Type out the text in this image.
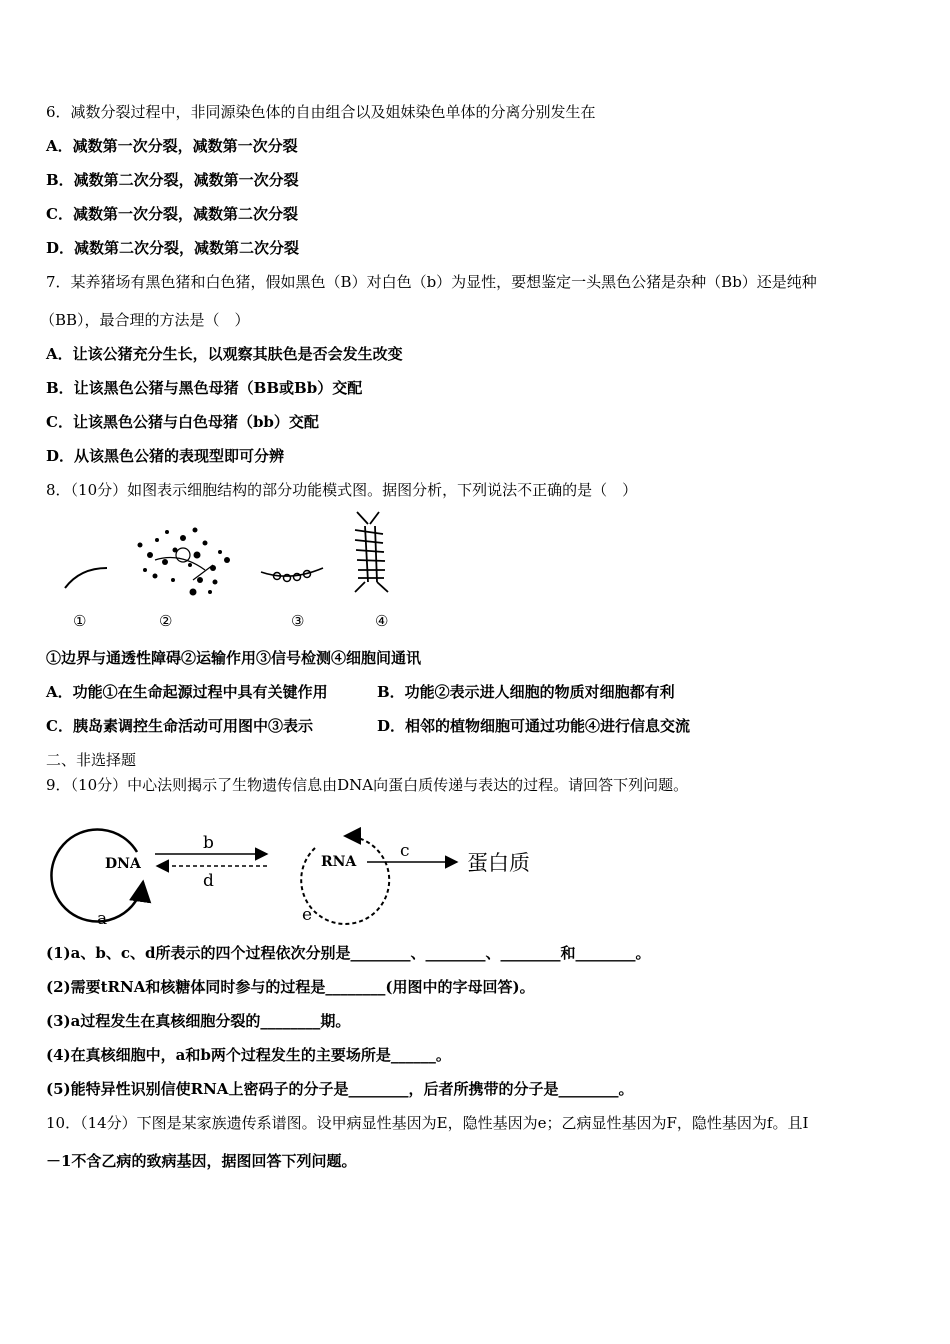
6．减数分裂过程中，非同源染色体的自由组合以及姐妹染色单体的分离分别发生在
A．减数第一次分裂，减数第一次分裂
B．减数第二次分裂，减数第一次分裂
C．减数第一次分裂，减数第二次分裂
D．减数第二次分裂，减数第二次分裂
7．某养猪场有黑色猪和白色猪，假如黑色（B）对白色（b）为显性，要想鉴定一头黑色公猪是杂种（Bb）还是纯种
（BB），最合理的方法是（　）
A．让该公猪充分生长，以观察其肤色是否会发生改变
B．让该黑色公猪与黑色母猪（BB或Bb）交配
C．让该黑色公猪与白色母猪（bb）交配
D．从该黑色公猪的表现型即可分辨
8．（10分）如图表示细胞结构的部分功能模式图。据图分析，下列说法不正确的是（　）
①	②	③	④
①边界与通透性障碍②运输作用③信号检测④细胞间通讯
A．功能①在生命起源过程中具有关键作用	B．功能②表示进人细胞的物质对细胞都有利
C．胰岛素调控生命活动可用图中③表示	D．相邻的植物细胞可通过功能④进行信息交流
二、非选择题
9．（10分）中心法则揭示了生物遗传信息由DNA向蛋白质传递与表达的过程。请回答下列问题。
DNA
a
b
d
RNA
e
c	蛋白质
(1)a、b、c、d所表示的四个过程依次分别是________、________、________和________。
(2)需要tRNA和核糖体同时参与的过程是________(用图中的字母回答)。
(3)a过程发生在真核细胞分裂的________期。
(4)在真核细胞中，a和b两个过程发生的主要场所是______。
(5)能特异性识别信使RNA上密码子的分子是________，后者所携带的分子是________。
10．（14分）下图是某家族遗传系谱图。设甲病显性基因为E，隐性基因为e；乙病显性基因为F，隐性基因为f。且Ⅰ
－1不含乙病的致病基因，据图回答下列问题。
